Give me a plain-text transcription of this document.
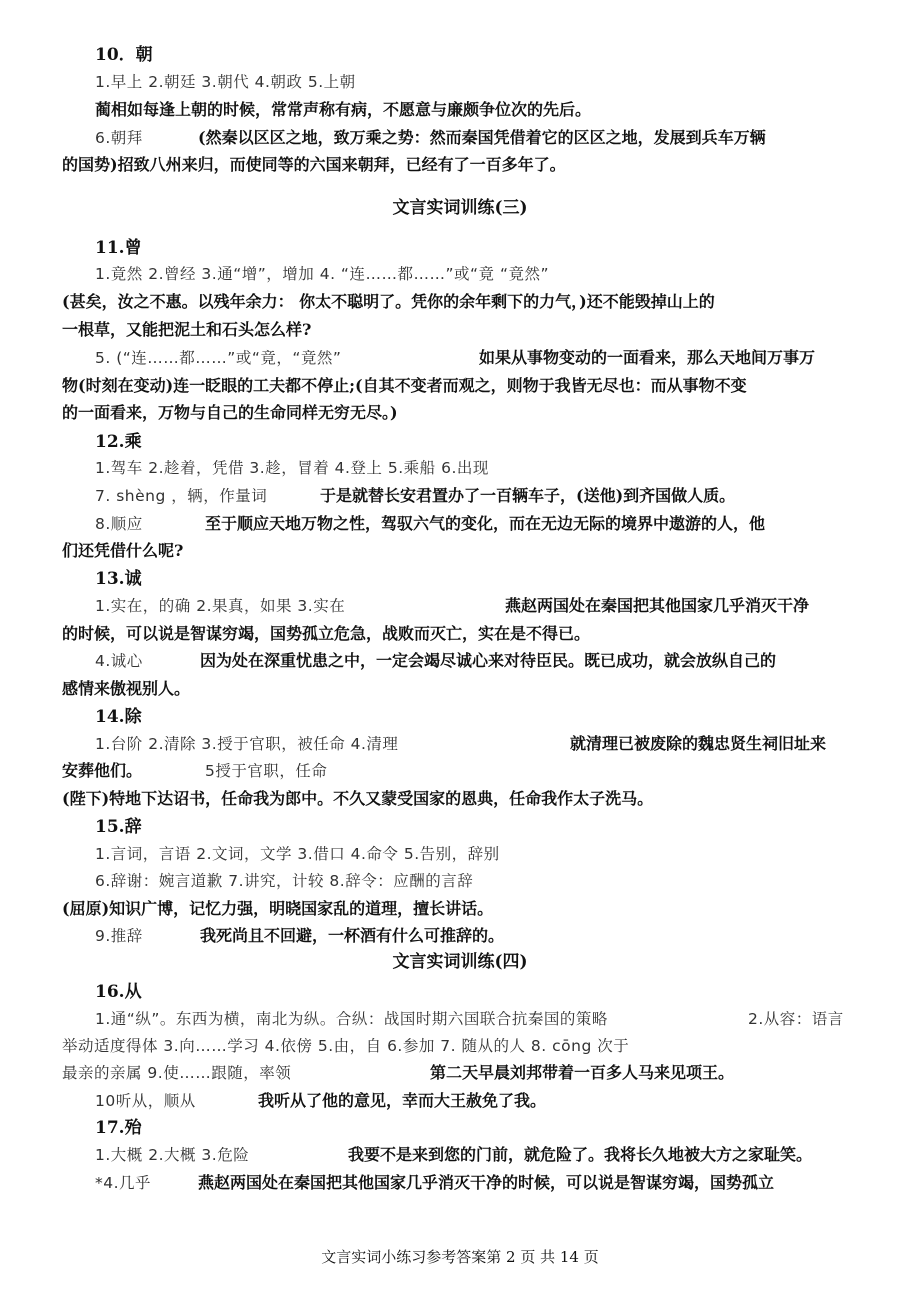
10．朝
1.早上 2.朝廷 3.朝代 4.朝政 5.上朝
蔺相如每逢上朝的时候，常常声称有病，不愿意与廉颇争位次的先后。
6.朝拜	(然秦以区区之地，致万乘之势：然而秦国凭借着它的区区之地，发展到兵车万辆
的国势)招致八州来归，而使同等的六国来朝拜，已经有了一百多年了。
文言实词训练(三)
11.曾
1.竟然 2.曾经 3.通“增”，增加 4. “连……都……”或“竟 “竟然”
(甚矣，汝之不惠。以残年余力： 你太不聪明了。凭你的余年剩下的力气，)还不能毁掉山上的
一根草，又能把泥土和石头怎么样?
5. (“连……都……”或“竟，“竟然”	如果从事物变动的一面看来，那么天地间万事万
物(时刻在变动)连一眨眼的工夫都不停止;(自其不变者而观之，则物于我皆无尽也：而从事物不变
的一面看来，万物与自己的生命同样无穷无尽。)
12.乘
1.驾车 2.趁着，凭借 3.趁，冒着 4.登上 5.乘船 6.出现
7. shèng ，辆，作量词	于是就替长安君置办了一百辆车子，(送他)到齐国做人质。
8.顺应	至于顺应天地万物之性，驾驭六气的变化，而在无边无际的境界中遨游的人，他
们还凭借什么呢?
13.诚
1.实在，的确 2.果真，如果 3.实在	燕赵两国处在秦国把其他国家几乎消灭干净
的时候，可以说是智谋穷竭，国势孤立危急，战败而灭亡，实在是不得已。
4.诚心	因为处在深重忧患之中，一定会竭尽诚心来对待臣民。既已成功，就会放纵自己的
感情来傲视别人。
14.除
1.台阶 2.清除 3.授于官职，被任命 4.清理	就清理已被废除的魏忠贤生祠旧址来
安葬他们。	5授于官职，任命
(陛下)特地下达诏书，任命我为郎中。不久又蒙受国家的恩典，任命我作太子洗马。
15.辞
1.言词，言语 2.文词，文学 3.借口 4.命令 5.告别，辞别
6.辞谢：婉言道歉 7.讲究，计较 8.辞令：应酬的言辞
(屈原)知识广博，记忆力强，明晓国家乱的道理，擅长讲话。
9.推辞	我死尚且不回避，一杯酒有什么可推辞的。
文言实词训练(四)
16.从
1.通“纵”。东西为横，南北为纵。合纵：战国时期六国联合抗秦国的策略	2.从容：语言
举动适度得体 3.向……学习 4.依傍 5.由，自 6.参加 7. 随从的人 8. cōng 次于
最亲的亲属 9.使……跟随，率领	第二天早晨刘邦带着一百多人马来见项王。
10听从，顺从	我听从了他的意见，幸而大王赦免了我。
17.殆
1.大概 2.大概 3.危险	我要不是来到您的门前，就危险了。我将长久地被大方之家耻笑。
*4.几乎	燕赵两国处在秦国把其他国家几乎消灭干净的时候，可以说是智谋穷竭，国势孤立
文言实词小练习参考答案第 2 页 共 14 页
